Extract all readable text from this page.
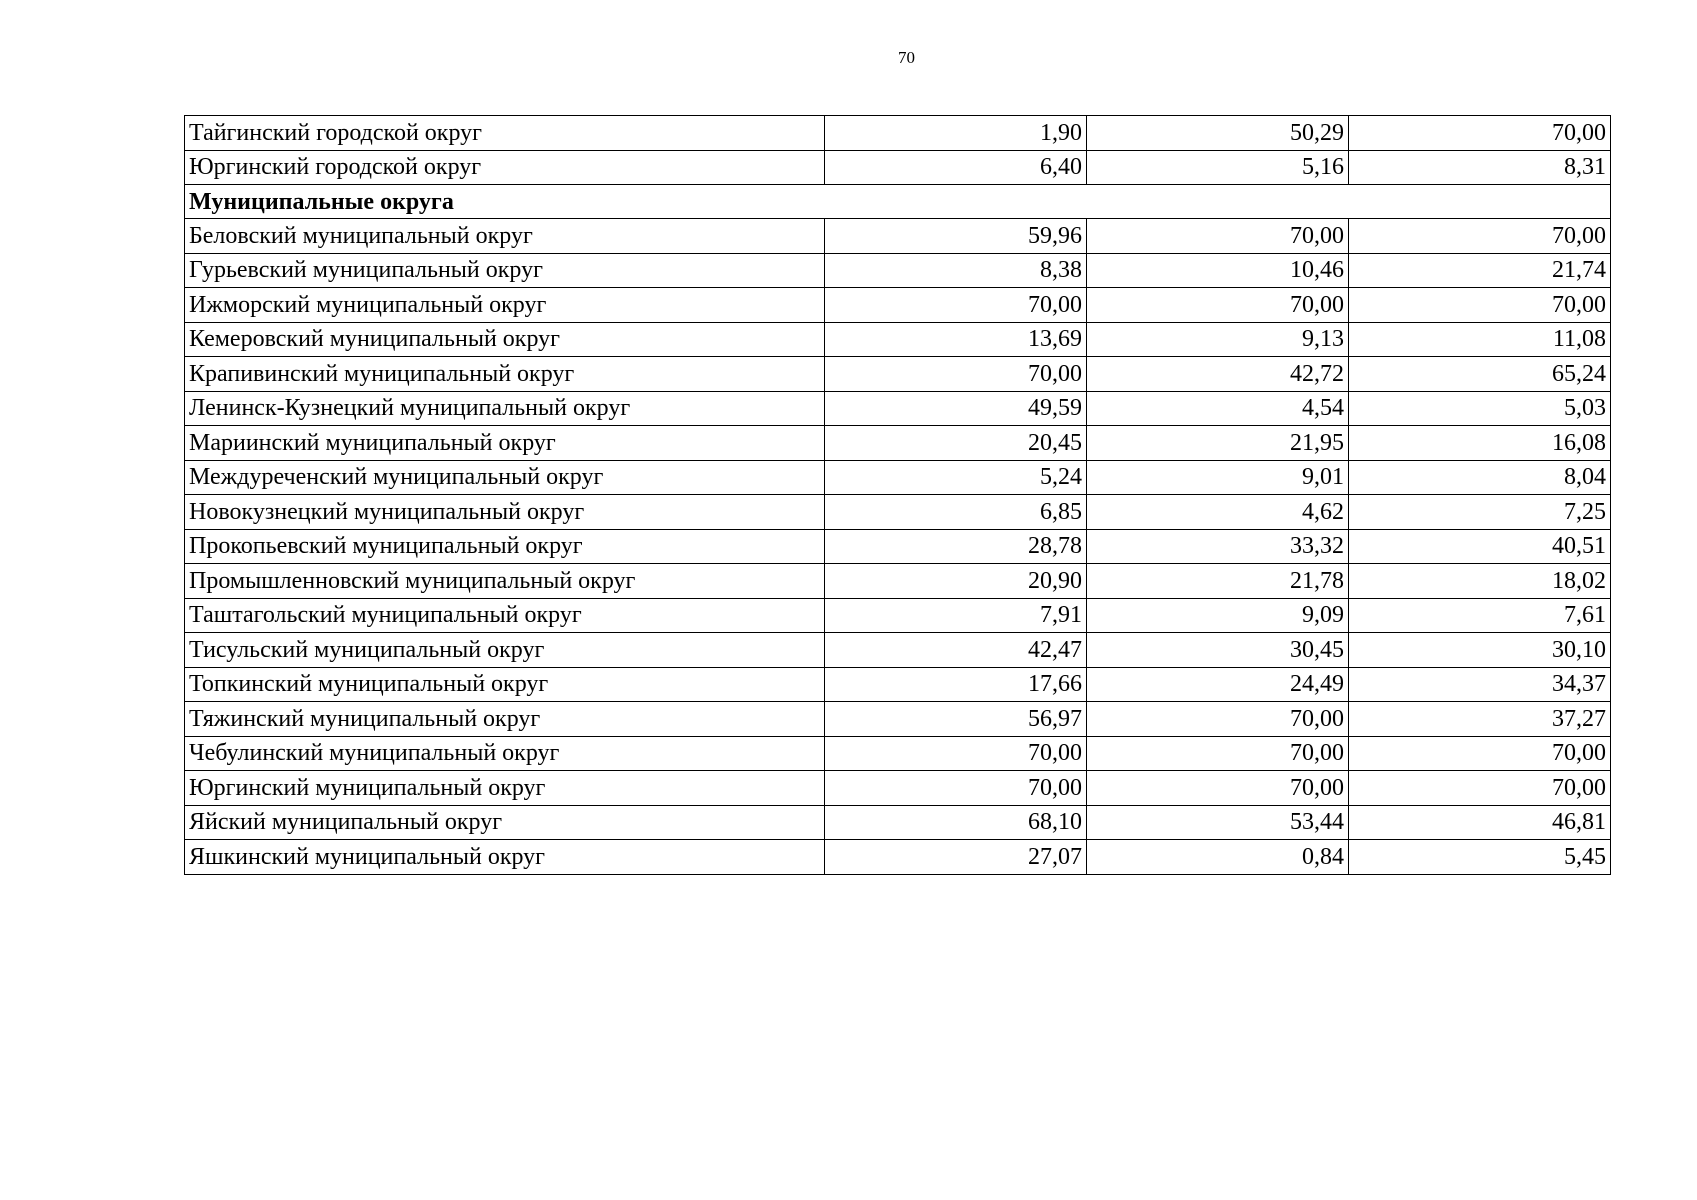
70
Тайгинский городской округ	1,90	50,29	70,00
Юргинский городской округ	6,40	5,16	8,31
Муниципальные округа			
Беловский муниципальный округ	59,96	70,00	70,00
Гурьевский муниципальный округ	8,38	10,46	21,74
Ижморский муниципальный округ	70,00	70,00	70,00
Кемеровский муниципальный округ	13,69	9,13	11,08
Крапивинский муниципальный округ	70,00	42,72	65,24
Ленинск-Кузнецкий муниципальный округ	49,59	4,54	5,03
Мариинский муниципальный округ	20,45	21,95	16,08
Междуреченский муниципальный округ	5,24	9,01	8,04
Новокузнецкий муниципальный округ	6,85	4,62	7,25
Прокопьевский муниципальный округ	28,78	33,32	40,51
Промышленновский муниципальный округ	20,90	21,78	18,02
Таштагольский муниципальный округ	7,91	9,09	7,61
Тисульский муниципальный округ	42,47	30,45	30,10
Топкинский муниципальный округ	17,66	24,49	34,37
Тяжинский муниципальный округ	56,97	70,00	37,27
Чебулинский муниципальный округ	70,00	70,00	70,00
Юргинский муниципальный округ	70,00	70,00	70,00
Яйский муниципальный округ	68,10	53,44	46,81
Яшкинский муниципальный округ	27,07	0,84	5,45
